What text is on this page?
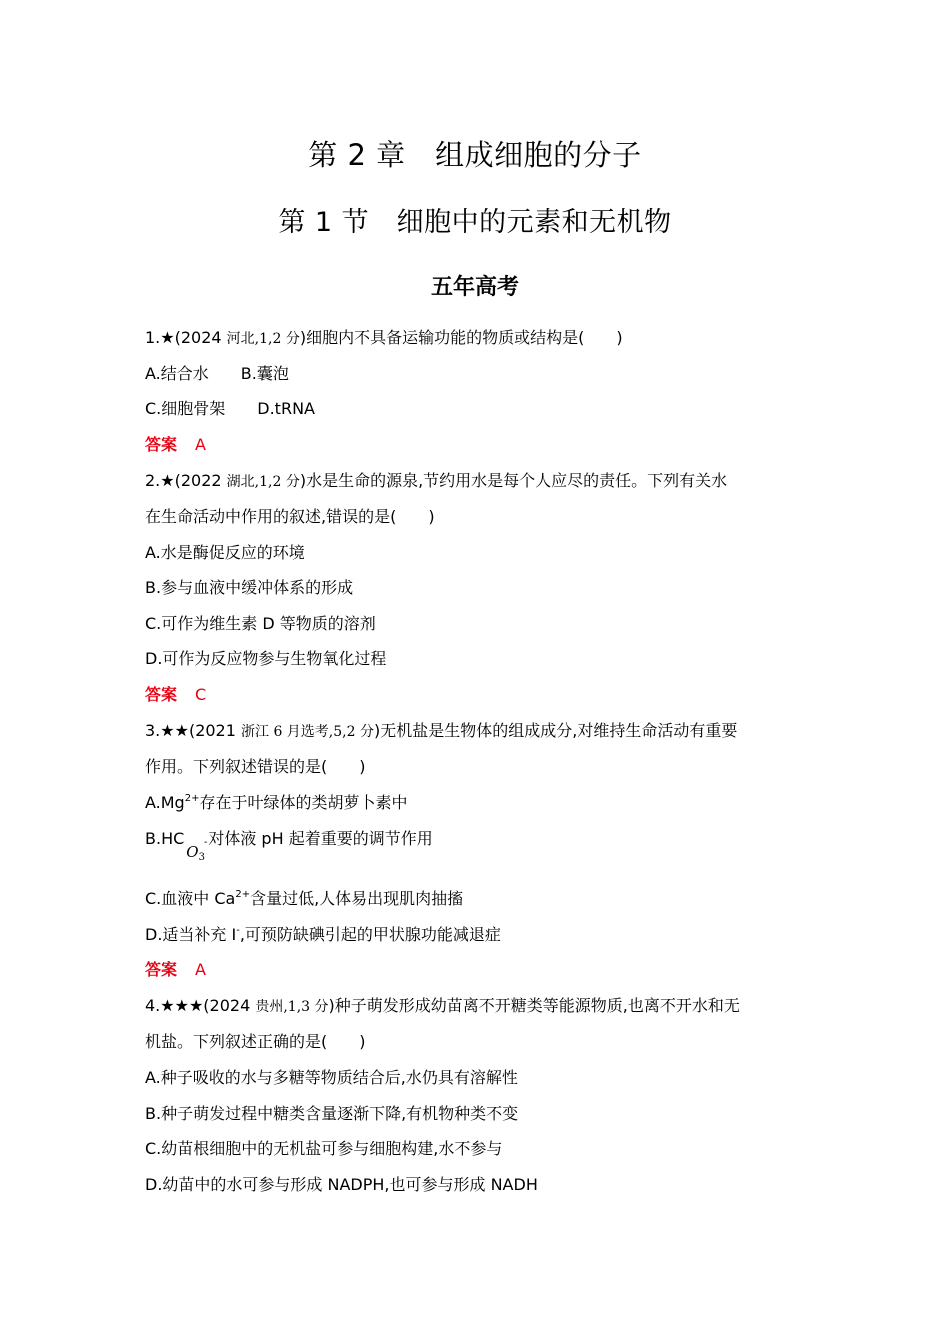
第 2 章　组成细胞的分子
第 1 节　细胞中的元素和无机物
五年高考
1.★(2024 河北,1,2 分)细胞内不具备运输功能的物质或结构是(　　)
A.结合水 B.囊泡
C.细胞骨架 D.tRNA
答案 A
2.★(2022 湖北,1,2 分)水是生命的源泉,节约用水是每个人应尽的责任。下列有关水
在生命活动中作用的叙述,错误的是(　　)
A.水是酶促反应的环境
B.参与血液中缓冲体系的形成
C.可作为维生素 D 等物质的溶剂
D.可作为反应物参与生物氧化过程
答案 C
3.★★(2021 浙江 6 月选考,5,2 分)无机盐是生物体的组成成分,对维持生命活动有重要
作用。下列叙述错误的是(　　)
$A.Mg^{2+}$存在于叶绿体的类胡萝卜素中
$B.HCO_3^-$对体液 pH 起着重要的调节作用
C.血液中 $Ca^{2+}$含量过低,人体易出现肌肉抽搐
D.适当补充 I-,可预防缺碘引起的甲状腺功能减退症
答案 A
4.★★★(2024 贵州,1,3 分)种子萌发形成幼苗离不开糖类等能源物质,也离不开水和无
机盐。下列叙述正确的是(　　)
A.种子吸收的水与多糖等物质结合后,水仍具有溶解性
B.种子萌发过程中糖类含量逐渐下降,有机物种类不变
C.幼苗根细胞中的无机盐可参与细胞构建,水不参与
D.幼苗中的水可参与形成 NADPH,也可参与形成 NADH
